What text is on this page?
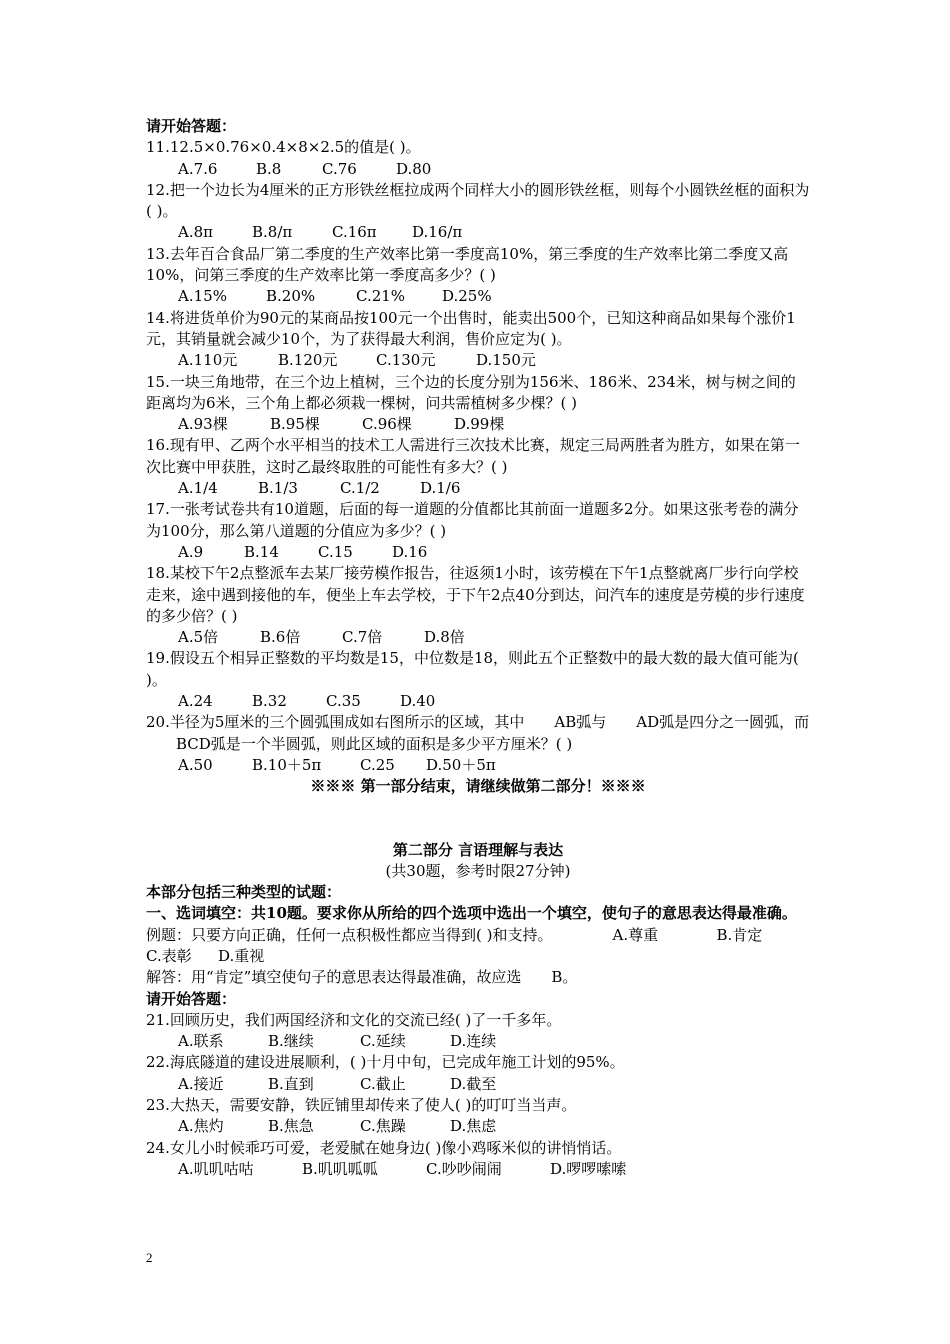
请开始答题：

11.12.5×0.76×0.4×8×2.5的值是( )。

A.7.6	B.8	C.76	D.80

12.把一个边长为4厘米的正方形铁丝框拉成两个同样大小的圆形铁丝框，则每个小圆铁丝框的面积为( )。

A.8π	B.8/π	C.16π D.16/π

13.去年百合食品厂第二季度的生产效率比第一季度高10%，第三季度的生产效率比第二季度又高10%，问第三季度的生产效率比第一季度高多少？( )

A.15%	B.20%	C.21% D.25%

14.将进货单价为90元的某商品按100元一个出售时，能卖出500个，已知这种商品如果每个涨价1元，其销量就会减少10个，为了获得最大利润，售价应定为( )。

A.110元	B.120元	C.130元	D.150元

15.一块三角地带，在三个边上植树，三个边的长度分别为156米、186米、234米，树与树之间的距离均为6米，三个角上都必须栽一棵树，问共需植树多少棵？( )

A.93棵	B.95棵	C.96棵	D.99棵

16.现有甲、乙两个水平相当的技术工人需进行三次技术比赛，规定三局两胜者为胜方，如果在第一次比赛中甲获胜，这时乙最终取胜的可能性有多大？( )

A.1/4	B.1/3	C.1/2	D.1/6

17.一张考试卷共有10道题，后面的每一道题的分值都比其前面一道题多2分。如果这张考卷的满分为100分，那么第八道题的分值应为多少？( )

A.9	B.14	C.15	D.16

18.某校下午2点整派车去某厂接劳模作报告，往返须1小时，该劳模在下午1点整就离厂步行向学校走来，途中遇到接他的车，便坐上车去学校，于下午2点40分到达，问汽车的速度是劳模的步行速度的多少倍？( )

A.5倍	B.6倍	C.7倍	D.8倍

19.假设五个相异正整数的平均数是15，中位数是18，则此五个正整数中的最大数的最大值可能为( )。

A.24	B.32	C.35	D.40

20.半径为5厘米的三个圆弧围成如右图所示的区域，其中 AB弧与 AD弧是四分之一圆弧，而BCD弧是一个半圆弧，则此区域的面积是多少平方厘米？( )

A.50	B.10＋5π	C.25 D.50＋5π

※※※ 第一部分结束，请继续做第二部分！※※※

第二部分 言语理解与表达

(共30题，参考时限27分钟)

本部分包括三种类型的试题：

一、选词填空：共10题。要求你从所给的四个选项中选出一个填空，使句子的意思表达得最准确。

例题：只要方向正确，任何一点积极性都应当得到( )和支持。	A.尊重	B.肯定
C.表彰 D.重视

解答：用“肯定”填空使句子的意思表达得最准确，故应选 B。

请开始答题：

21.回顾历史，我们两国经济和文化的交流已经( )了一千多年。

A.联系	B.继续	C.延续	D.连续

22.海底隧道的建设进展顺利，( )十月中旬，已完成年施工计划的95%。

A.接近	B.直到	C.截止	D.截至

23.大热天，需要安静，铁匠铺里却传来了使人( )的叮叮当当声。

A.焦灼	B.焦急	C.焦躁	D.焦虑

24.女儿小时候乖巧可爱，老爱腻在她身边( )像小鸡啄米似的讲悄悄话。

A.叽叽咕咕	B.叽叽呱呱	C.吵吵闹闹	D.啰啰嗦嗦

2
